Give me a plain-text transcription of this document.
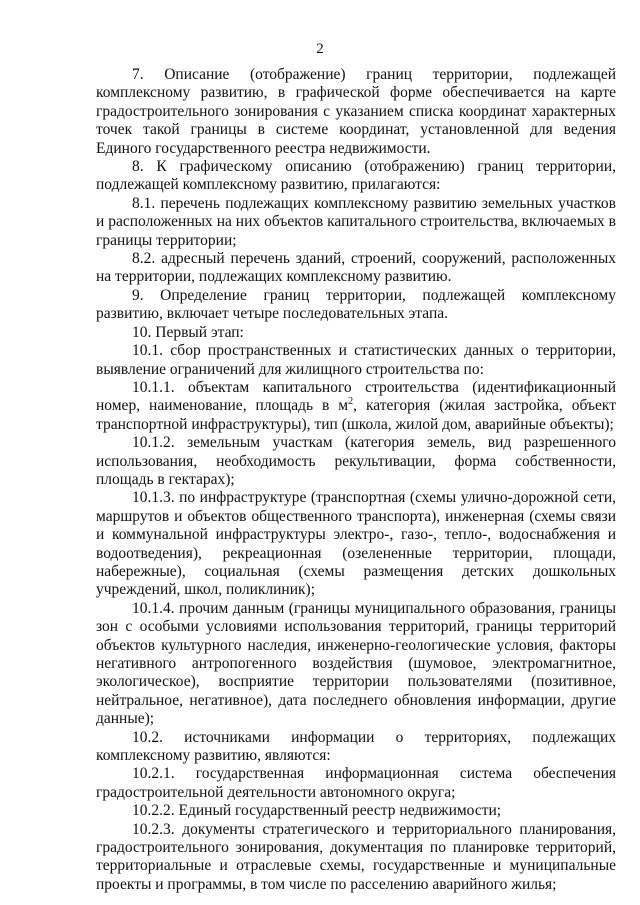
2

7. Описание (отображение) границ территории, подлежащей комплексному развитию, в графической форме обеспечивается на карте градостроительного зонирования с указанием списка координат характерных точек такой границы в системе координат, установленной для ведения Единого государственного реестра недвижимости.

8. К графическому описанию (отображению) границ территории, подлежащей комплексному развитию, прилагаются:

8.1. перечень подлежащих комплексному развитию земельных участков и расположенных на них объектов капитального строительства, включаемых в границы территории;

8.2. адресный перечень зданий, строений, сооружений, расположенных на территории, подлежащих комплексному развитию.

9. Определение границ территории, подлежащей комплексному развитию, включает четыре последовательных этапа.

10. Первый этап:

10.1. сбор пространственных и статистических данных о территории, выявление ограничений для жилищного строительства по:

10.1.1. объектам капитального строительства (идентификационный номер, наименование, площадь в $м^2$, категория (жилая застройка, объект транспортной инфраструктуры), тип (школа, жилой дом, аварийные объекты);

10.1.2. земельным участкам (категория земель, вид разрешенного использования, необходимость рекультивации, форма собственности, площадь в гектарах);

10.1.3. по инфраструктуре (транспортная (схемы улично-дорожной сети, маршрутов и объектов общественного транспорта), инженерная (схемы связи и коммунальной инфраструктуры электро-, газо-, тепло-, водоснабжения и водоотведения), рекреационная (озелененные территории, площади, набережные), социальная (схемы размещения детских дошкольных учреждений, школ, поликлиник);

10.1.4. прочим данным (границы муниципального образования, границы зон с особыми условиями использования территорий, границы территорий объектов культурного наследия, инженерно-геологические условия, факторы негативного антропогенного воздействия (шумовое, электромагнитное, экологическое), восприятие территории пользователями (позитивное, нейтральное, негативное), дата последнего обновления информации, другие данные);

10.2. источниками информации о территориях, подлежащих комплексному развитию, являются:

10.2.1. государственная информационная система обеспечения градостроительной деятельности автономного округа;

10.2.2. Единый государственный реестр недвижимости;

10.2.3. документы стратегического и территориального планирования, градостроительного зонирования, документация по планировке территорий, территориальные и отраслевые схемы, государственные и муниципальные проекты и программы, в том числе по расселению аварийного жилья;
